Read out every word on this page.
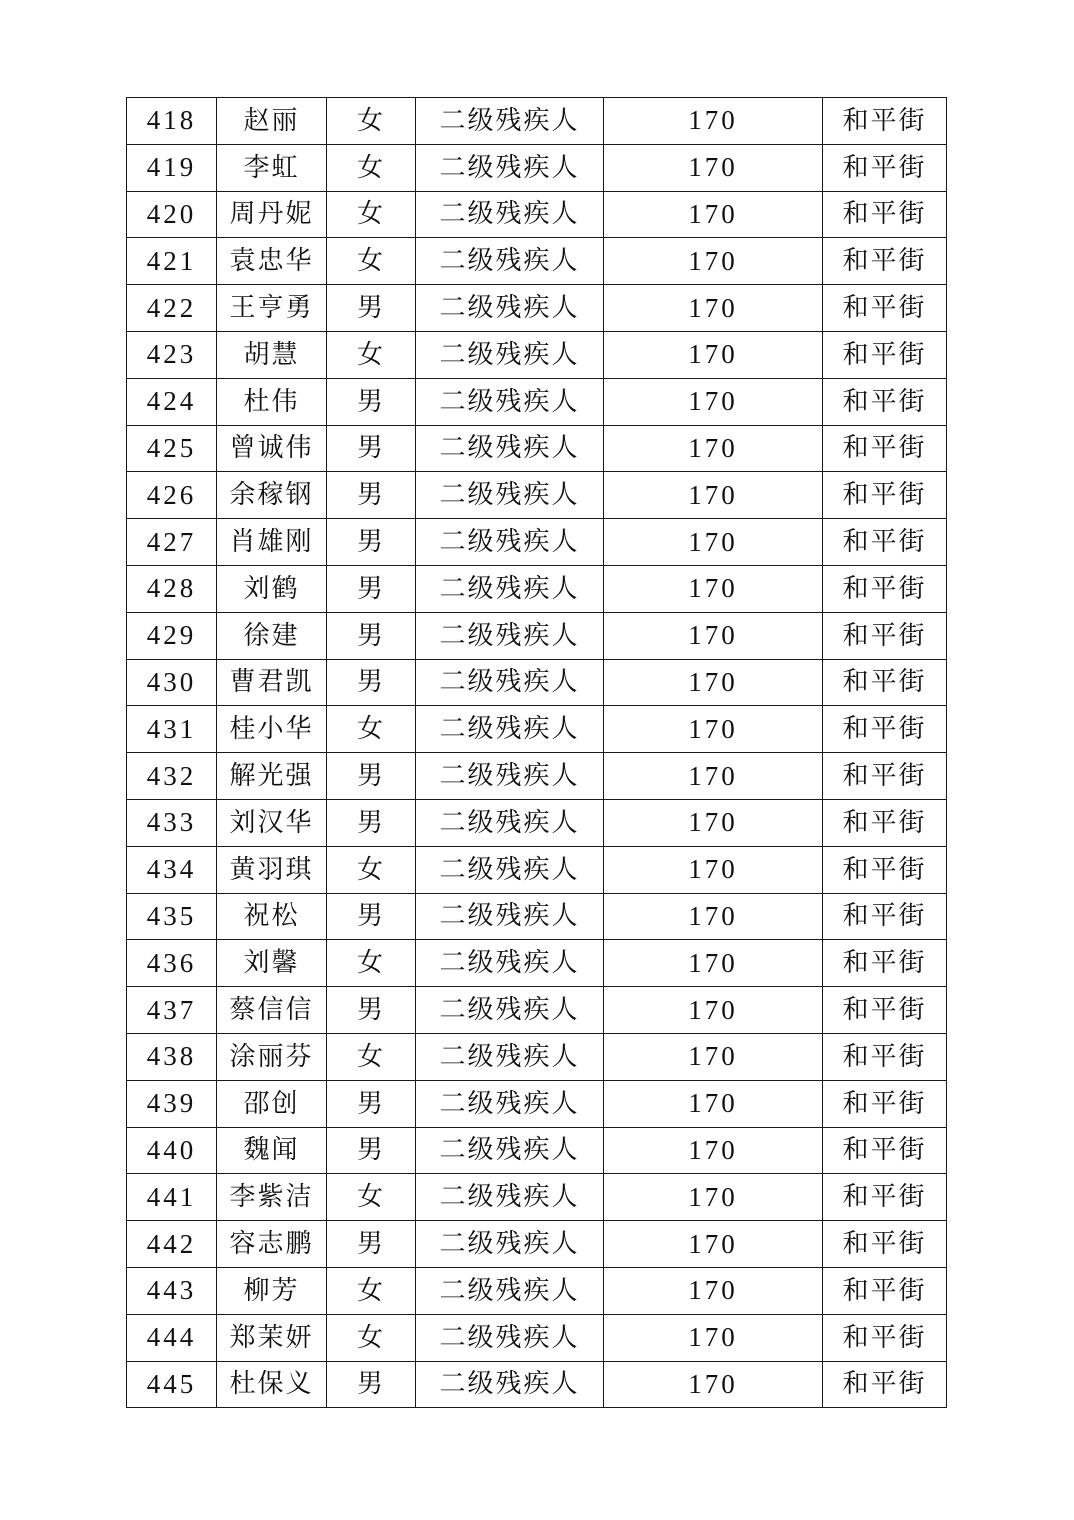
418	赵丽	女	二级残疾人	170	和平街
419	李虹	女	二级残疾人	170	和平街
420	周丹妮	女	二级残疾人	170	和平街
421	袁忠华	女	二级残疾人	170	和平街
422	王亨勇	男	二级残疾人	170	和平街
423	胡慧	女	二级残疾人	170	和平街
424	杜伟	男	二级残疾人	170	和平街
425	曾诚伟	男	二级残疾人	170	和平街
426	余稼钢	男	二级残疾人	170	和平街
427	肖雄刚	男	二级残疾人	170	和平街
428	刘鹤	男	二级残疾人	170	和平街
429	徐建	男	二级残疾人	170	和平街
430	曹君凯	男	二级残疾人	170	和平街
431	桂小华	女	二级残疾人	170	和平街
432	解光强	男	二级残疾人	170	和平街
433	刘汉华	男	二级残疾人	170	和平街
434	黄羽琪	女	二级残疾人	170	和平街
435	祝松	男	二级残疾人	170	和平街
436	刘馨	女	二级残疾人	170	和平街
437	蔡信信	男	二级残疾人	170	和平街
438	涂丽芬	女	二级残疾人	170	和平街
439	邵创	男	二级残疾人	170	和平街
440	魏闻	男	二级残疾人	170	和平街
441	李紫洁	女	二级残疾人	170	和平街
442	容志鹏	男	二级残疾人	170	和平街
443	柳芳	女	二级残疾人	170	和平街
444	郑茉妍	女	二级残疾人	170	和平街
445	杜保义	男	二级残疾人	170	和平街
